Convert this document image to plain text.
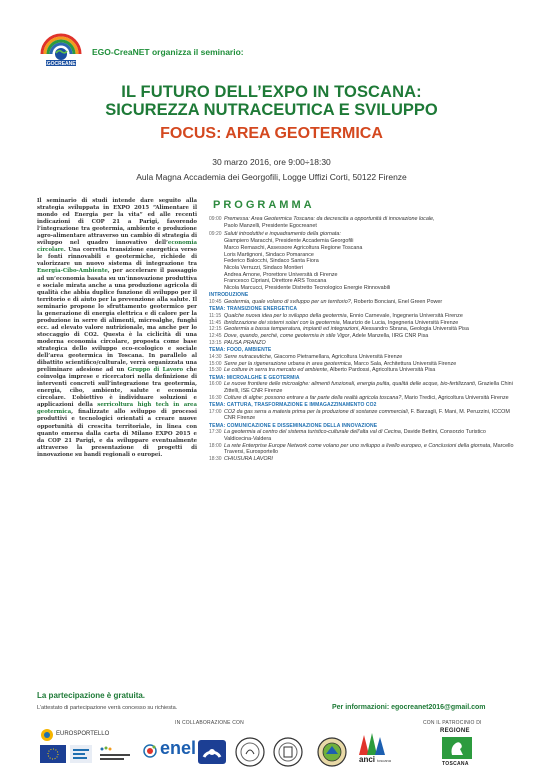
EGOCREANET
EGO-CreaNET organizza il seminario:
IL FUTURO DELL’EXPO IN TOSCANA:
SICUREZZA NUTRACEUTICA E SVILUPPO
FOCUS: AREA GEOTERMICA
30 marzo 2016, ore 9:00÷18:30
Aula Magna Accademia dei Georgofili, Logge Uffizi Corti, 50122 Firenze
Il seminario di studi intende dare seguito alla strategia sviluppata in EXPO 2015 “Alimentare il mondo ed Energia per la vita” ed alle recenti indicazioni di COP 21 a Parigi, favorendo l’integrazione tra geotermia, ambiente e produzione agro-alimentare attraverso un cambio di strategia di sviluppo nel quadro innovativo dell’economia circolare. Una corretta transizione energetica verso le fonti rinnovabili e geotermiche, richiede di valorizzare un nuovo sistema di integrazione tra Energia-Cibo-Ambiente, per accelerare il passaggio ad un’economia basata su un’innovazione produttiva e sociale mirata anche a una produzione agricola di qualità che abbia duplice funzione di sviluppo per il territorio e di aiuto per la prevenzione alla salute. Il seminario propone lo sfruttamento geotermico per la generazione di energia elettrica e di calore per la produzione in serre di alimenti, microalghe, funghi ecc. ad elevato valore nutrizionale, ma anche per lo stoccaggio di CO2. Questa è la ciclicità di una moderna economia circolare, proposta come base strategica dello sviluppo eco-ecologico e sociale dell’area geotermica in Toscana. In parallelo al dibattito scientifico/culturale, verrà organizzata una preliminare adesione ad un Gruppo di Lavoro che coinvolga imprese e ricercatori nella definizione di interventi concreti sull’integrazione tra geotermia, energia, cibo, ambiente, salute e economia circolare. L’obiettivo è individuare soluzioni e applicazioni della serricoltura high tech in area geotermica, finalizzate allo sviluppo di processi produttivi e tecnologici orientati a creare nuove opportunità di crescita territoriale, in linea con quanto emersa dalla carta di Milano EXPO 2015 e da COP 21 Parigi, e da sviluppare eventualmente attraverso la presentazione di progetti di innovazione su bandi regionali o europei.
PROGRAMMA
09:00 Premessa: Area Geotermica Toscana: da decrescita a opportunità di innovazione locale,
Paolo Manzelli, Presidente Egocreanet
09:20 Saluti introduttivi e inquadramento della giornata:
Giampiero Maracchi, Presidente Accademia Georgofili
Marco Remaschi, Assessore Agricoltura Regione Toscana
Loris Martignoni, Sindaco Pomarance
Federico Balocchi, Sindaco Santa Fiora
Nicola Verruzzi, Sindaco Montieri
Andrea Arnone, Prorettore Università di Firenze
Francesco Cipriani, Direttore ARS Toscana
Nicola Marcucci, Presidente Distretto Tecnologico Energie Rinnovabili
INTRODUZIONE
10:45 Geotermia, quale volano di sviluppo per un territorio?, Roberto Bonciani, Enel Green Power
TEMA: TRANSIZIONE ENERGETICA
11:15 Qualche nuova idea per lo sviluppo della geotermia, Ennio Carnevale, Ingegneria Università Firenze
11:45 Ibridizzazione dei sistemi solari con la geotermia, Maurizio de Lucia, Ingegneria Università Firenze
12:15 Geotermia a bassa temperatura, impianti ed integrazioni, Alessandro Sbrana, Geologia Università Pisa
12:45 Dove, quando, perché, come geotermia in stile Vigor, Adele Manzella, IIRG CNR Pisa
13:15 PAUSA PRANZO
TEMA: FOOD, AMBIENTE
14:30 Serre nutraceutiche, Giacomo Pietramellara, Agricoltura Università Firenze
15:00 Serre per la rigenerazione urbana in area geotermica, Marco Sala, Architettura Università Firenze
15:30 Le colture in serra tra mercato ed ambiente, Alberto Pardossi, Agricoltura Università Pisa
TEMA: MICROALGHE E GEOTERMIA
16:00 Le nuove frontiere delle microalghe: alimenti funzionali, energia pulita, qualità delle acque, bio-fertilizzanti, Graziella Chini Zittelli, ISE CNR Firenze
16:30 Colture di alghe: possono entrare a far parte della realtà agricola toscana?, Mario Tredici, Agricoltura Università Firenze
TEMA: CATTURA, TRASFORMAZIONE E IMMAGAZZINAMENTO CO2
17:00 CO2 da gas serra a materia prima per la produzione di sostanze commerciali, F. Barzagli, F. Mani, M. Peruzzini, ICCOM CNR Firenze
TEMA: COMUNICAZIONE E DISSEMINAZIONE DELLA INNOVAZIONE
17:30 La geotermia al centro del sistema turistico-culturale dell’alta val di Cecina, Davide Bettini, Consorzio Turistico Valdicecina-Valdera
18:00 La rete Enterprise Europe Network come volano per uno sviluppo a livello europeo, e Conclusioni della giornata, Marcello Traversi, Eurosportello
18:30 CHIUSURA LAVORI
La partecipazione è gratuita.
L’attestato di partecipazione verrà concesso su richiesta.	Per informazioni: egocreanet2016@gmail.com
IN COLLABORAZIONE CON	CON IL PATROCINIO DI
EUROSPORTELLO
enel
anci toscana
REGIONE
TOSCANA
